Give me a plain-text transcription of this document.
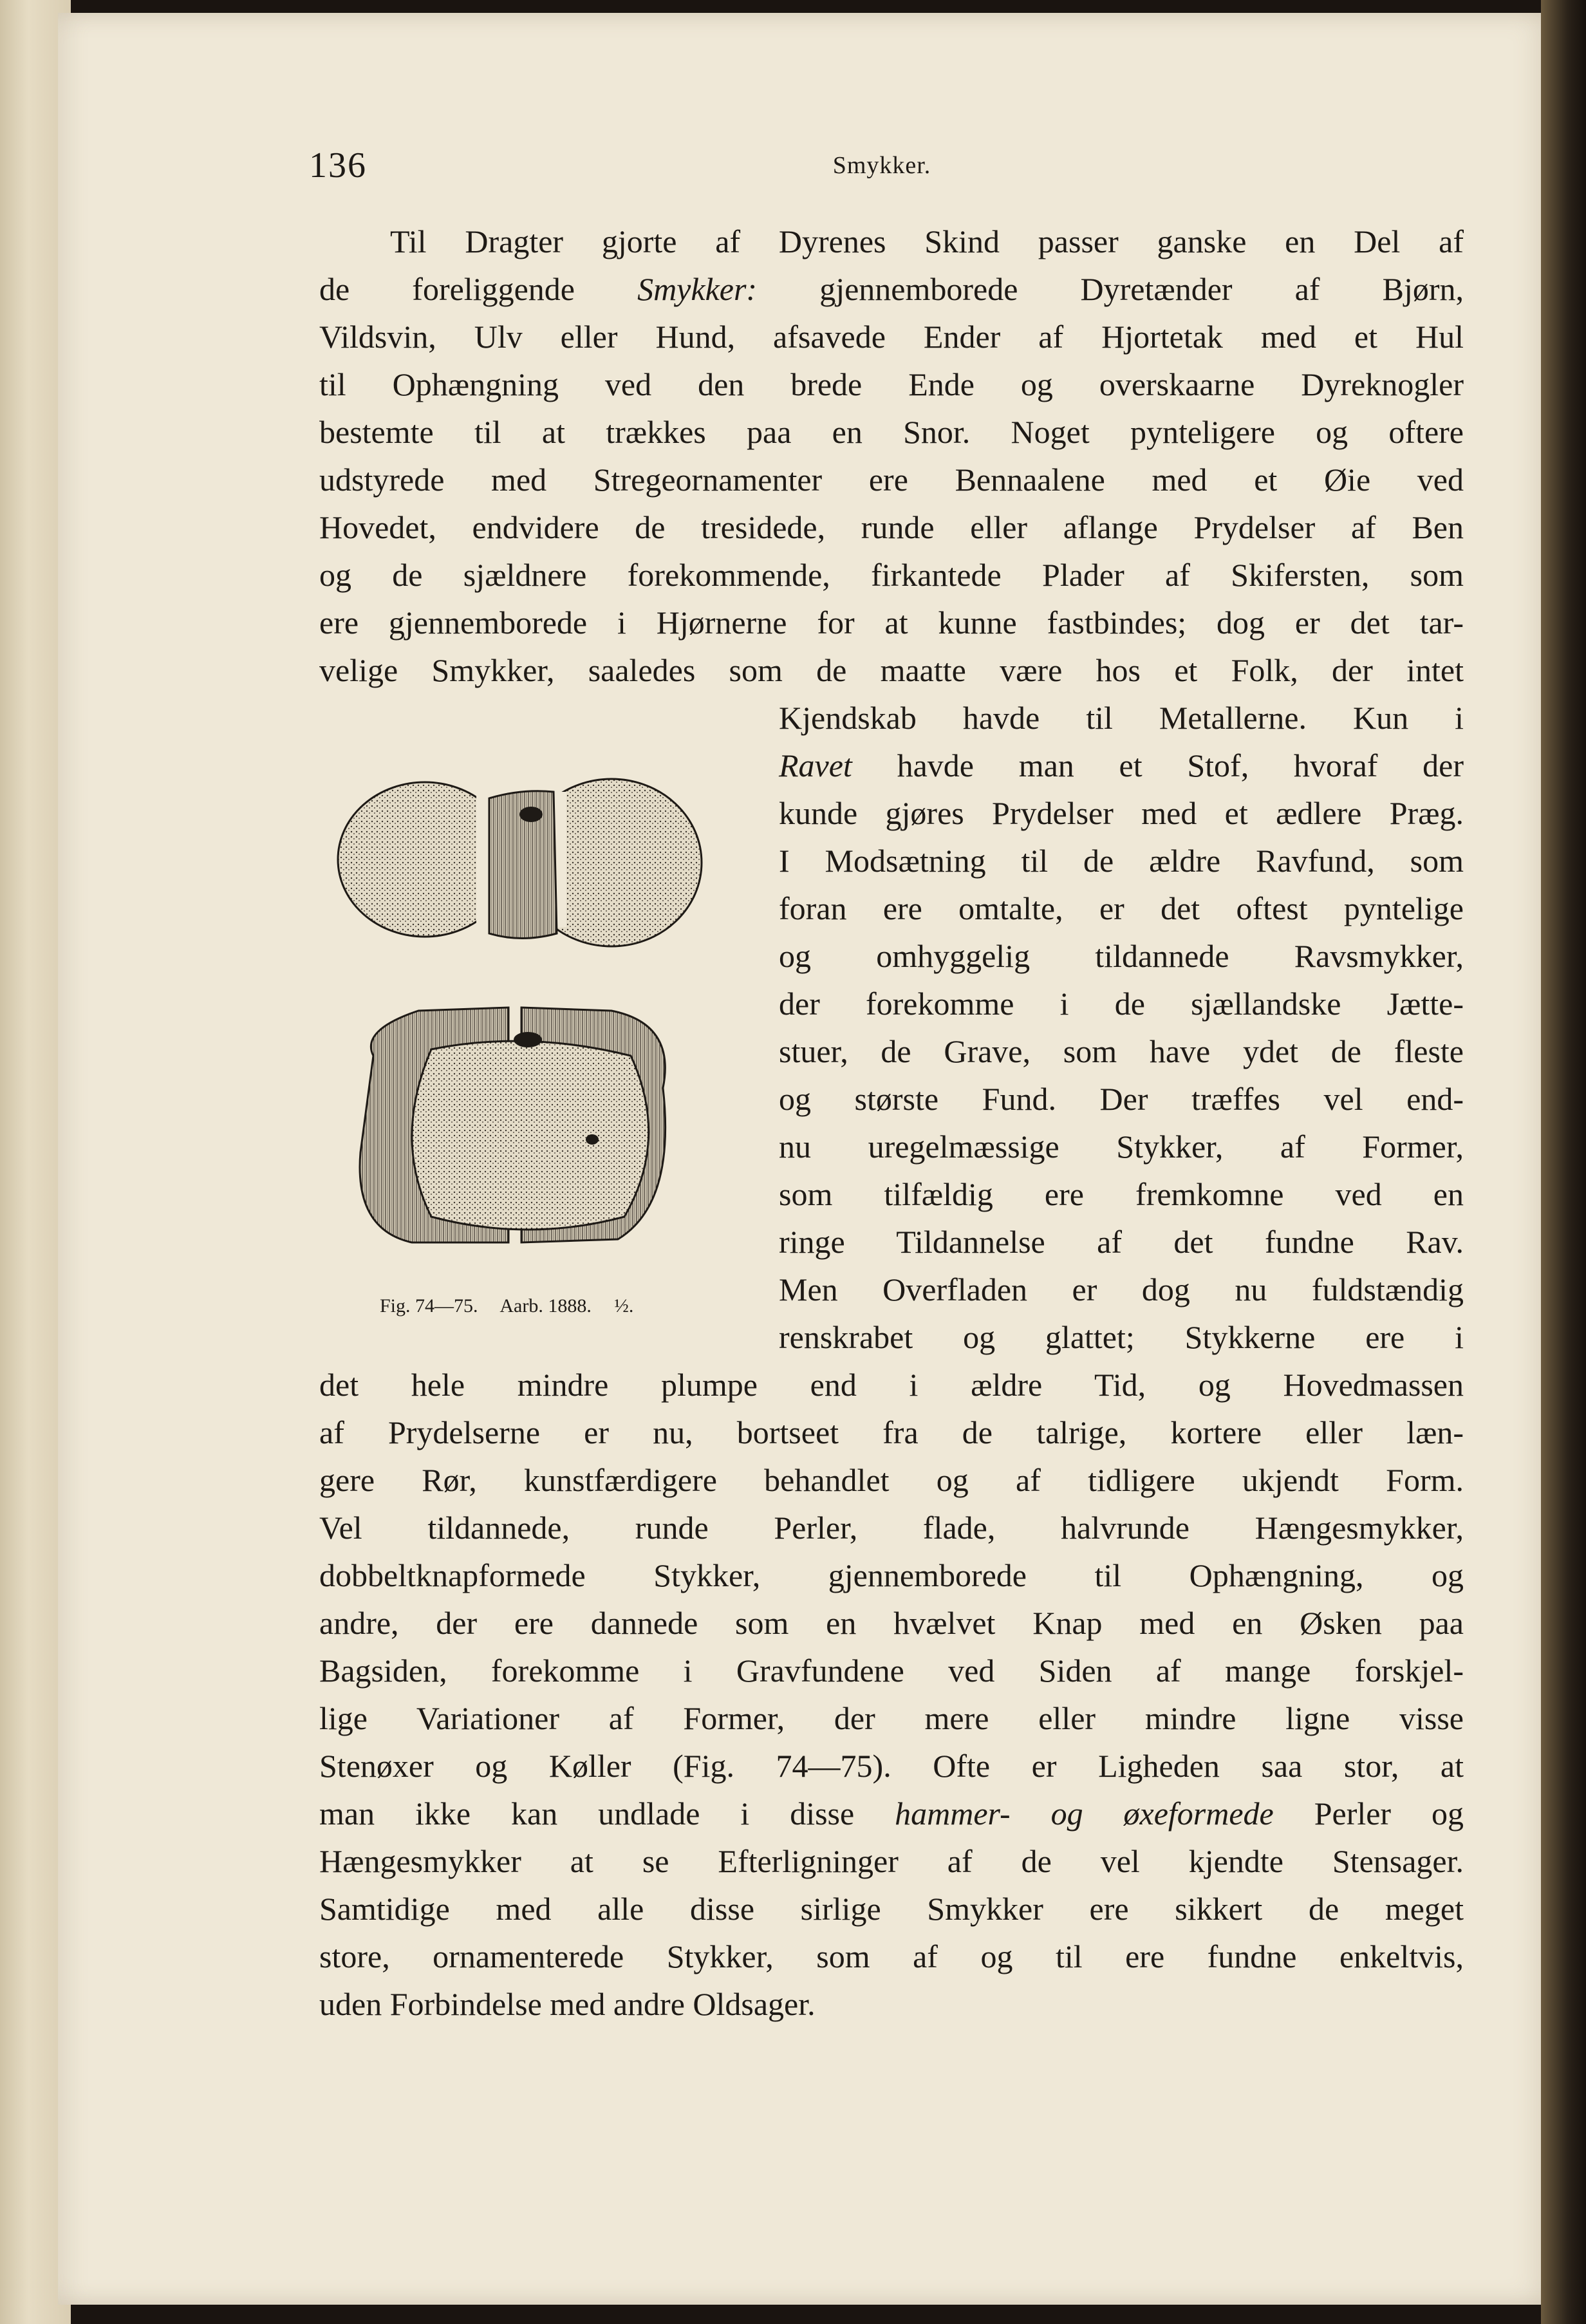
136	Smykker.
Til Dragter gjorte af Dyrenes Skind passer ganske en Del af
de foreliggende Smykker: gjennemborede Dyretænder af Bjørn,
Vildsvin, Ulv eller Hund, afsavede Ender af Hjortetak med et Hul
til Ophængning ved den brede Ende og overskaarne Dyreknogler
bestemte til at trækkes paa en Snor. Noget pynteligere og oftere
udstyrede med Stregeornamenter ere Bennaalene med et Øie ved
Hovedet, endvidere de tresidede, runde eller aflange Prydelser af Ben
og de sjældnere forekommende, firkantede Plader af Skifersten, som
ere gjennemborede i Hjørnerne for at kunne fastbindes; dog er det tar-
velige Smykker, saaledes som de maatte være hos et Folk, der intet
Kjendskab havde til Metallerne. Kun i
Ravet havde man et Stof, hvoraf der
kunde gjøres Prydelser med et ædlere Præg.
I Modsætning til de ældre Ravfund, som
foran ere omtalte, er det oftest pyntelige
og omhyggelig tildannede Ravsmykker,
der forekomme i de sjællandske Jætte-
stuer, de Grave, som have ydet de fleste
og største Fund. Der træffes vel end-
nu uregelmæssige Stykker, af Former,
som tilfældig ere fremkomne ved en
ringe Tildannelse af det fundne Rav.
Men Overfladen er dog nu fuldstændig
renskrabet og glattet; Stykkerne ere i
Fig. 74—75. Aarb. 1888. ½.
det hele mindre plumpe end i ældre Tid, og Hovedmassen
af Prydelserne er nu, bortseet fra de talrige, kortere eller læn-
gere Rør, kunstfærdigere behandlet og af tidligere ukjendt Form.
Vel tildannede, runde Perler, flade, halvrunde Hængesmykker,
dobbeltknapformede Stykker, gjennemborede til Ophængning, og
andre, der ere dannede som en hvælvet Knap med en Øsken paa
Bagsiden, forekomme i Gravfundene ved Siden af mange forskjel-
lige Variationer af Former, der mere eller mindre ligne visse
Stenøxer og Køller (Fig. 74—75). Ofte er Ligheden saa stor, at
man ikke kan undlade i disse hammer- og øxeformede Perler og
Hængesmykker at se Efterligninger af de vel kjendte Stensager.
Samtidige med alle disse sirlige Smykker ere sikkert de meget
store, ornamenterede Stykker, som af og til ere fundne enkeltvis,
uden Forbindelse med andre Oldsager.
